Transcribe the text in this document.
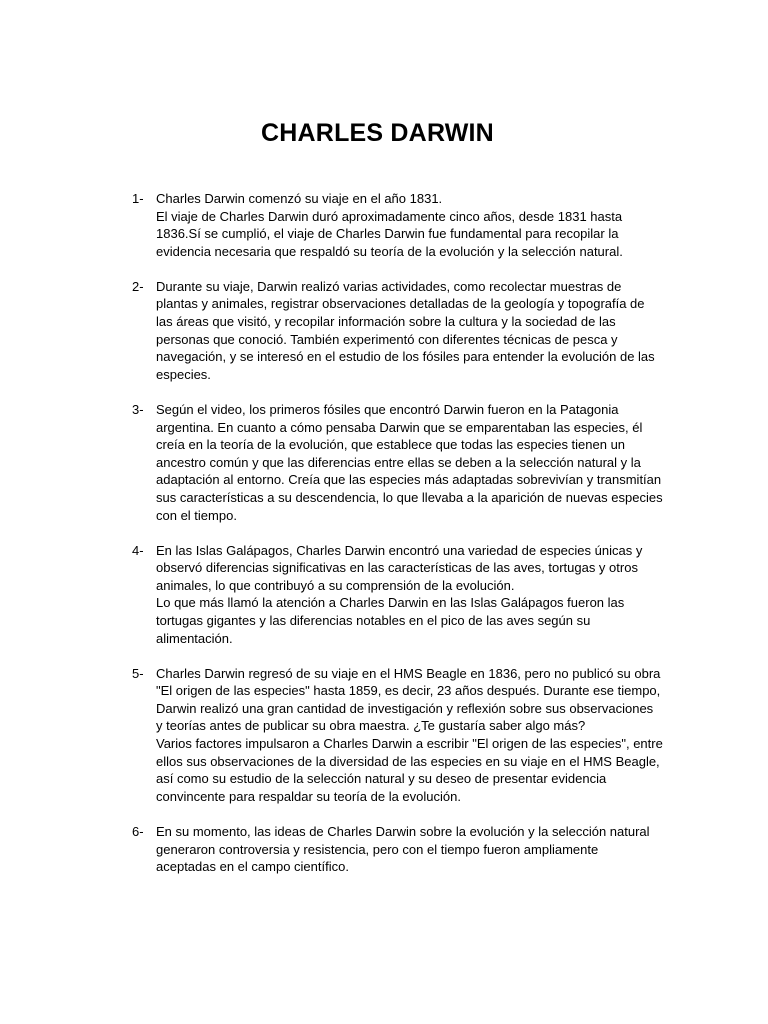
CHARLES DARWIN
1- Charles Darwin comenzó su viaje en el año 1831.
El viaje de Charles Darwin duró aproximadamente cinco años, desde 1831 hasta
1836.Sí se cumplió, el viaje de Charles Darwin fue fundamental para recopilar la
evidencia necesaria que respaldó su teoría de la evolución y la selección natural.
2- Durante su viaje, Darwin realizó varias actividades, como recolectar muestras de
plantas y animales, registrar observaciones detalladas de la geología y topografía de
las áreas que visitó, y recopilar información sobre la cultura y la sociedad de las
personas que conoció. También experimentó con diferentes técnicas de pesca y
navegación, y se interesó en el estudio de los fósiles para entender la evolución de las
especies.
3- Según el video, los primeros fósiles que encontró Darwin fueron en la Patagonia
argentina. En cuanto a cómo pensaba Darwin que se emparentaban las especies, él
creía en la teoría de la evolución, que establece que todas las especies tienen un
ancestro común y que las diferencias entre ellas se deben a la selección natural y la
adaptación al entorno. Creía que las especies más adaptadas sobrevivían y transmitían
sus características a su descendencia, lo que llevaba a la aparición de nuevas especies
con el tiempo.
4- En las Islas Galápagos, Charles Darwin encontró una variedad de especies únicas y
observó diferencias significativas en las características de las aves, tortugas y otros
animales, lo que contribuyó a su comprensión de la evolución.
Lo que más llamó la atención a Charles Darwin en las Islas Galápagos fueron las
tortugas gigantes y las diferencias notables en el pico de las aves según su
alimentación.
5- Charles Darwin regresó de su viaje en el HMS Beagle en 1836, pero no publicó su obra
"El origen de las especies" hasta 1859, es decir, 23 años después. Durante ese tiempo,
Darwin realizó una gran cantidad de investigación y reflexión sobre sus observaciones
y teorías antes de publicar su obra maestra. ¿Te gustaría saber algo más?
Varios factores impulsaron a Charles Darwin a escribir "El origen de las especies", entre
ellos sus observaciones de la diversidad de las especies en su viaje en el HMS Beagle,
así como su estudio de la selección natural y su deseo de presentar evidencia
convincente para respaldar su teoría de la evolución.
6- En su momento, las ideas de Charles Darwin sobre la evolución y la selección natural
generaron controversia y resistencia, pero con el tiempo fueron ampliamente
aceptadas en el campo científico.
